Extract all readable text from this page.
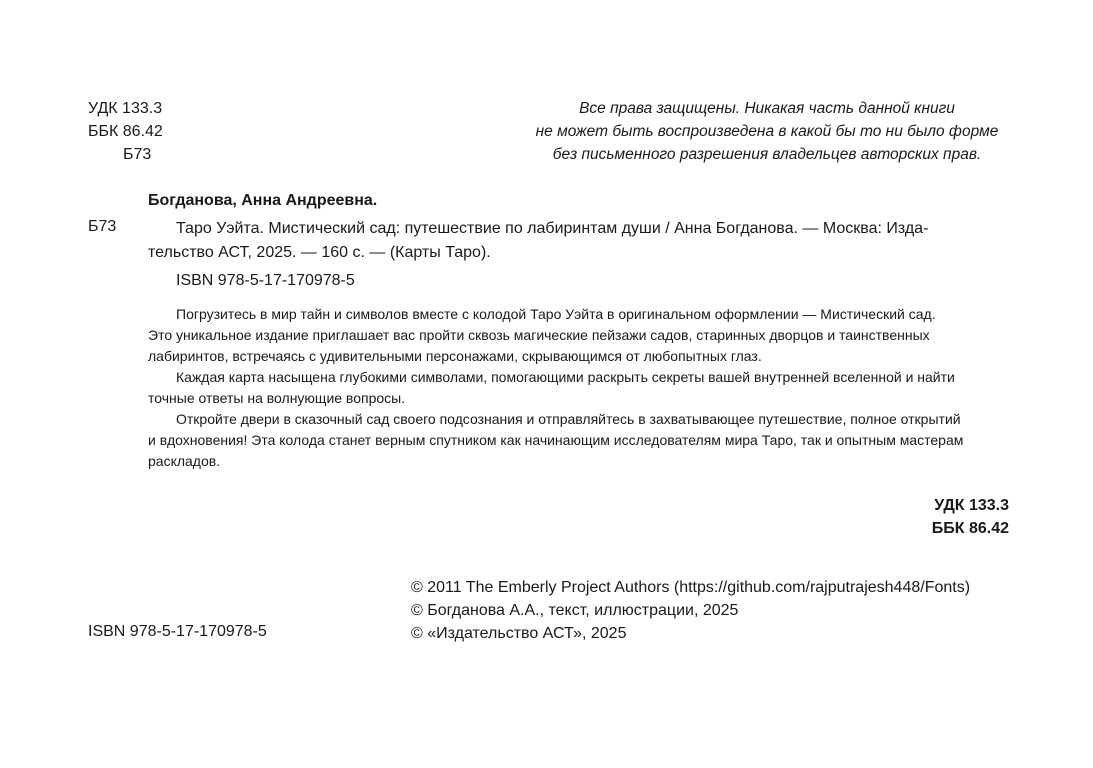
УДК 133.3
ББК 86.42
Б73
Все права защищены. Никакая часть данной книги
не может быть воспроизведена в какой бы то ни было форме
без письменного разрешения владельцев авторских прав.
Богданова, Анна Андреевна.
Б73	Таро Уэйта. Мистический сад: путешествие по лабиринтам души / Анна Богданова. — Москва: Изда-
тельство АСТ, 2025. — 160 с. — (Карты Таро).
ISBN 978-5-17-170978-5
Погрузитесь в мир тайн и символов вместе с колодой Таро Уэйта в оригинальном оформлении — Мистический сад.
Это уникальное издание приглашает вас пройти сквозь магические пейзажи садов, старинных дворцов и таинственных
лабиринтов, встречаясь с удивительными персонажами, скрывающимся от любопытных глаз.
Каждая карта насыщена глубокими символами, помогающими раскрыть секреты вашей внутренней вселенной и найти
точные ответы на волнующие вопросы.
Откройте двери в сказочный сад своего подсознания и отправляйтесь в захватывающее путешествие, полное открытий
и вдохновения! Эта колода станет верным спутником как начинающим исследователям мира Таро, так и опытным мастерам
раскладов.
УДК 133.3
ББК 86.42
© 2011 The Emberly Project Authors (https://github.com/rajputrajesh448/Fonts)
© Богданова А.А., текст, иллюстрации, 2025
© «Издательство АСТ», 2025
ISBN 978-5-17-170978-5
